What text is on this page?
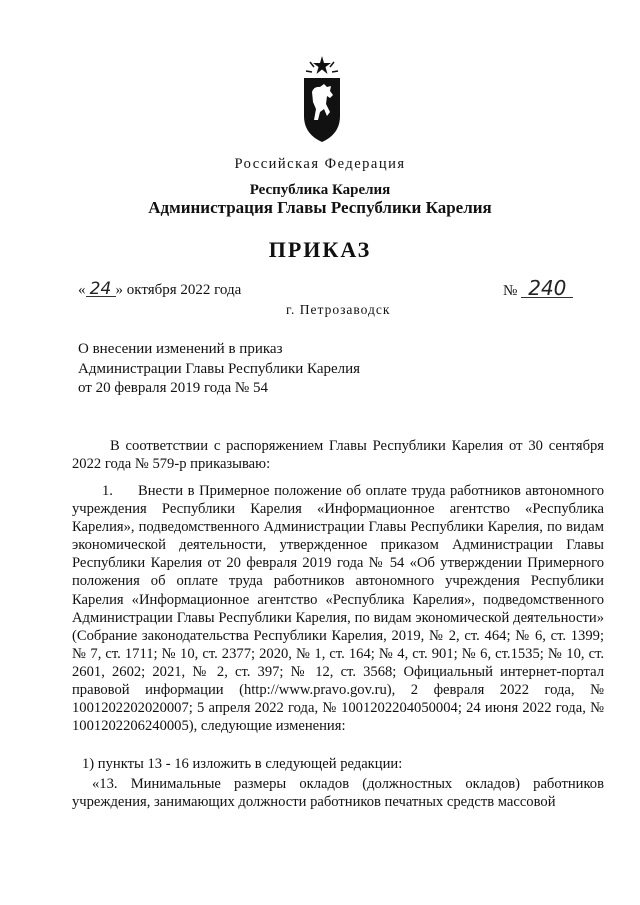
Российская Федерация
Республика Карелия
Администрация Главы Республики Карелия
ПРИКАЗ
« 24 » октября 2022 года	№ 240
г. Петрозаводск
О внесении изменений в приказ
Администрации Главы Республики Карелия
от 20 февраля 2019 года № 54
В соответствии с распоряжением Главы Республики Карелия от 30 сентября 2022 года № 579-р приказываю:
1. Внести в Примерное положение об оплате труда работников автономного учреждения Республики Карелия «Информационное агентство «Республика Карелия», подведомственного Администрации Главы Республики Карелия, по видам экономической деятельности, утвержденное приказом Администрации Главы Республики Карелия от 20 февраля 2019 года № 54 «Об утверждении Примерного положения об оплате труда работников автономного учреждения Республики Карелия «Информационное агентство «Республика Карелия», подведомственного Администрации Главы Республики Карелия, по видам экономической деятельности» (Собрание законодательства Республики Карелия, 2019, № 2, ст. 464; № 6, ст. 1399; № 7, ст. 1711; № 10, ст. 2377; 2020, № 1, ст. 164; № 4, ст. 901; № 6, ст.1535; № 10, ст. 2601, 2602; 2021, № 2, ст. 397; № 12, ст. 3568; Официальный интернет-портал правовой информации (http://www.pravo.gov.ru), 2 февраля 2022 года, № 1001202202020007; 5 апреля 2022 года, № 1001202204050004; 24 июня 2022 года, № 1001202206240005), следующие изменения:
1) пункты 13 - 16 изложить в следующей редакции:
«13. Минимальные размеры окладов (должностных окладов) работников учреждения, занимающих должности работников печатных средств массовой
